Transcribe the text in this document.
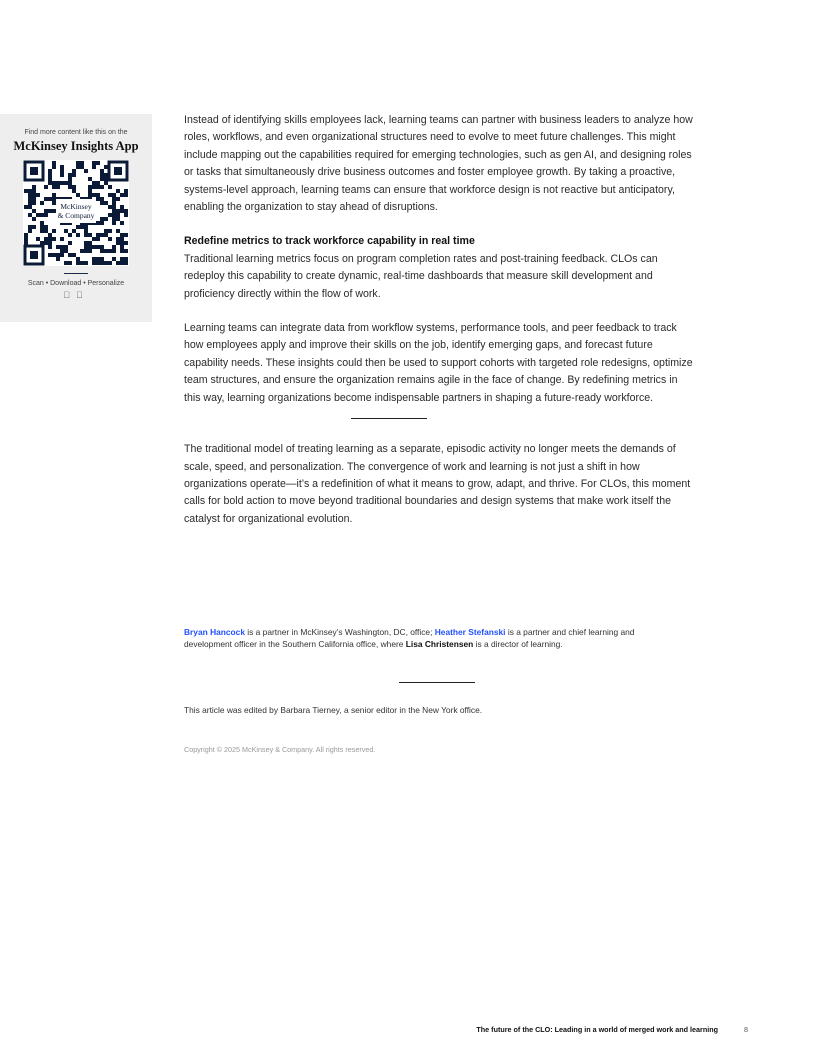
Find more content like this on the
McKinsey Insights App
McKinsey
& Company
Scan • Download • Personalize
⍟

Instead of identifying skills employees lack, learning teams can partner with business leaders to analyze how roles, workflows, and even organizational structures need to evolve to meet future challenges. This might include mapping out the capabilities required for emerging technologies, such as gen AI, and designing roles or tasks that simultaneously drive business outcomes and foster employee growth. By taking a proactive, systems-level approach, learning teams can ensure that workforce design is not reactive but anticipatory, enabling the organization to stay ahead of disruptions.

Redefine metrics to track workforce capability in real time

Traditional learning metrics focus on program completion rates and post-training feedback. CLOs can redeploy this capability to create dynamic, real-time dashboards that measure skill development and proficiency directly within the flow of work.

Learning teams can integrate data from workflow systems, performance tools, and peer feedback to track how employees apply and improve their skills on the job, identify emerging gaps, and forecast future capability needs. These insights could then be used to support cohorts with targeted role redesigns, optimize team structures, and ensure the organization remains agile in the face of change. By redefining metrics in this way, learning organizations become indispensable partners in shaping a future-ready workforce.

The traditional model of treating learning as a separate, episodic activity no longer meets the demands of scale, speed, and personalization. The convergence of work and learning is not just a shift in how organizations operate—it’s a redefinition of what it means to grow, adapt, and thrive. For CLOs, this moment calls for bold action to move beyond traditional boundaries and design systems that make work itself the catalyst for organizational evolution.

Bryan Hancock is a partner in McKinsey’s Washington, DC, office; Heather Stefanski is a partner and chief learning and development officer in the Southern California office, where Lisa Christensen is a director of learning.
This article was edited by Barbara Tierney, a senior editor in the New York office.
Copyright © 2025 McKinsey & Company. All rights reserved.
The future of the CLO: Leading in a world of merged work and learning	8
